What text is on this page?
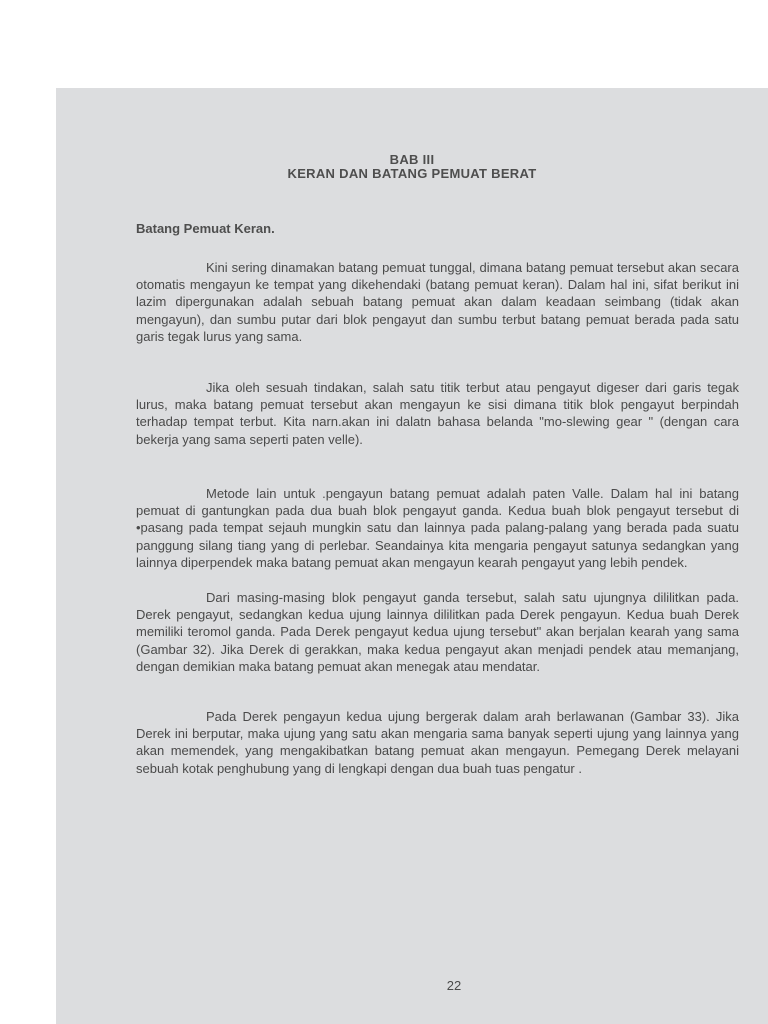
BAB III
KERAN DAN BATANG PEMUAT BERAT
Batang Pemuat Keran.

Kini sering dinamakan batang pemuat tunggal, dimana batang pemuat tersebut akan secara otomatis mengayun ke tempat yang dikehendaki (batang pemuat keran). Dalam hal ini, sifat berikut ini lazim dipergunakan adalah sebuah batang pemuat akan dalam keadaan seimbang (tidak akan mengayun), dan sumbu putar dari blok pengayut dan sumbu terbut batang pemuat berada pada satu garis tegak lurus yang sama.

Jika oleh sesuah tindakan, salah satu titik terbut atau pengayut digeser dari garis tegak lurus, maka batang pemuat tersebut akan mengayun ke sisi dimana titik blok pengayut berpindah terhadap tempat terbut. Kita narn.akan ini dalatn bahasa belanda "mo-slewing gear " (dengan cara bekerja yang sama seperti paten velle).

Metode lain untuk .pengayun batang pemuat adalah paten Valle. Dalam hal ini batang pemuat di gantungkan pada dua buah blok pengayut ganda. Kedua buah blok pengayut tersebut di •pasang pada tempat sejauh mungkin satu dan lainnya pada palang-palang yang berada pada suatu panggung silang tiang yang di perlebar. Seandainya kita mengaria pengayut satunya sedangkan yang lainnya diperpendek maka batang pemuat akan mengayun kearah pengayut yang lebih pendek.

Dari masing-masing blok pengayut ganda tersebut, salah satu ujungnya dililitkan pada. Derek pengayut, sedangkan kedua ujung lainnya dililitkan pada Derek pengayun. Kedua buah Derek memiliki teromol ganda. Pada Derek pengayut kedua ujung tersebut" akan berjalan kearah yang sama (Gambar 32). Jika Derek di gerakkan, maka kedua pengayut akan menjadi pendek atau memanjang, dengan demikian maka batang pemuat akan menegak atau mendatar.

Pada Derek pengayun kedua ujung bergerak dalam arah berlawanan (Gambar 33). Jika Derek ini berputar, maka ujung yang satu akan mengaria sama banyak seperti ujung yang lainnya yang akan memendek, yang mengakibatkan batang pemuat akan mengayun. Pemegang Derek melayani sebuah kotak penghubung yang di lengkapi dengan dua buah tuas pengatur .

22
